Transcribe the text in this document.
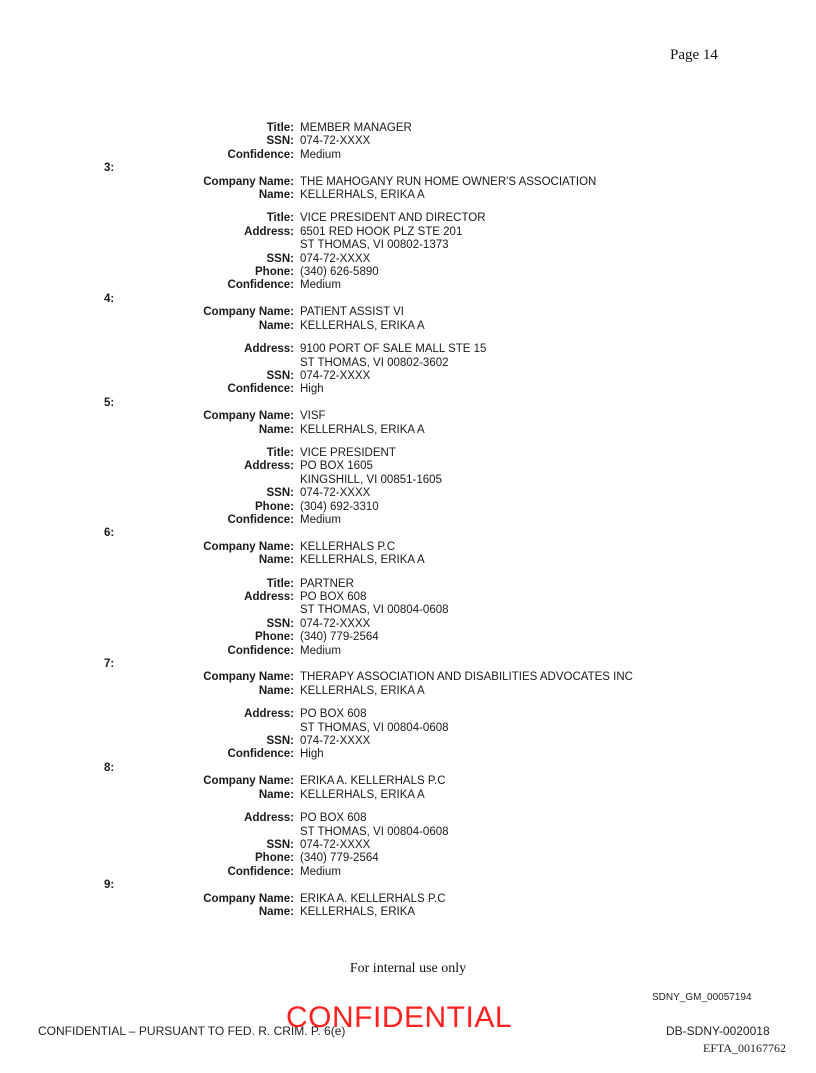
Page 14
Title: MEMBER MANAGER
SSN: 074-72-XXXX
Confidence: Medium
3:
Company Name: THE MAHOGANY RUN HOME OWNER'S ASSOCIATION
Name: KELLERHALS, ERIKA A
Title: VICE PRESIDENT AND DIRECTOR
Address: 6501 RED HOOK PLZ STE 201
ST THOMAS, VI 00802-1373
SSN: 074-72-XXXX
Phone: (340) 626-5890
Confidence: Medium
4:
Company Name: PATIENT ASSIST VI
Name: KELLERHALS, ERIKA A
Address: 9100 PORT OF SALE MALL STE 15
ST THOMAS, VI 00802-3602
SSN: 074-72-XXXX
Confidence: High
5:
Company Name: VISF
Name: KELLERHALS, ERIKA A
Title: VICE PRESIDENT
Address: PO BOX 1605
KINGSHILL, VI 00851-1605
SSN: 074-72-XXXX
Phone: (304) 692-3310
Confidence: Medium
6:
Company Name: KELLERHALS P.C
Name: KELLERHALS, ERIKA A
Title: PARTNER
Address: PO BOX 608
ST THOMAS, VI 00804-0608
SSN: 074-72-XXXX
Phone: (340) 779-2564
Confidence: Medium
7:
Company Name: THERAPY ASSOCIATION AND DISABILITIES ADVOCATES INC
Name: KELLERHALS, ERIKA A
Address: PO BOX 608
ST THOMAS, VI 00804-0608
SSN: 074-72-XXXX
Confidence: High
8:
Company Name: ERIKA A. KELLERHALS P.C
Name: KELLERHALS, ERIKA A
Address: PO BOX 608
ST THOMAS, VI 00804-0608
SSN: 074-72-XXXX
Phone: (340) 779-2564
Confidence: Medium
9:
Company Name: ERIKA A. KELLERHALS P.C
Name: KELLERHALS, ERIKA
For internal use only
SDNY_GM_00057194
CONFIDENTIAL – PURSUANT TO FED. R. CRIM. P. 6(e)
CONFIDENTIAL	DB-SDNY-0020018
EFTA_00167762
